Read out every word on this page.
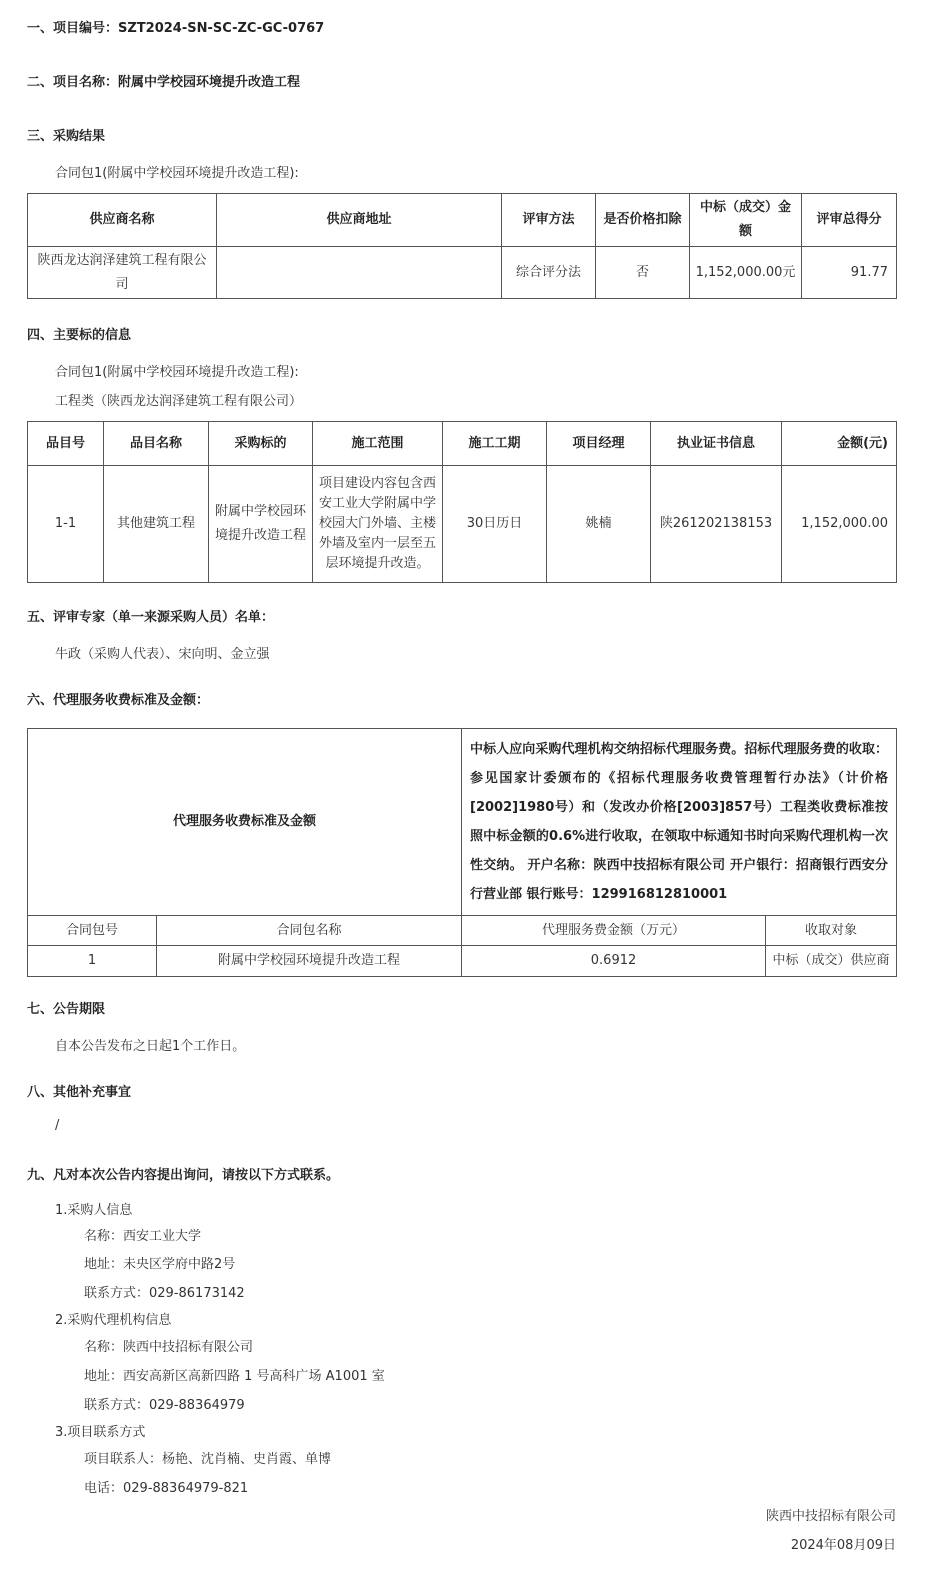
一、项目编号：SZT2024-SN-SC-ZC-GC-0767
二、项目名称：附属中学校园环境提升改造工程
三、采购结果
合同包1(附属中学校园环境提升改造工程):
供应商名称	供应商地址	评审方法	是否价格扣除	中标（成交）金额	评审总得分
陕西龙达润泽建筑工程有限公司		综合评分法	否	1,152,000.00元	91.77
四、主要标的信息
合同包1(附属中学校园环境提升改造工程):
工程类（陕西龙达润泽建筑工程有限公司）
品目号	品目名称	采购标的	施工范围	施工工期	项目经理	执业证书信息	金额(元)
1-1	其他建筑工程	附属中学校园环境提升改造工程	项目建设内容包含西安工业大学附属中学校园大门外墙、主楼外墙及室内一层至五层环境提升改造。	30日历日	姚楠	陕261202138153	1,152,000.00
五、评审专家（单一来源采购人员）名单：
牛政（采购人代表）、宋向明、金立强
六、代理服务收费标准及金额：
代理服务收费标准及金额		中标人应向采购代理机构交纳招标代理服务费。招标代理服务费的收取：参见国家计委颁布的《招标代理服务收费管理暂行办法》（计价格[2002]1980号）和（发改办价格[2003]857号）工程类收费标准按照中标金额的0.6%进行收取，在领取中标通知书时向采购代理机构一次性交纳。 开户名称：陕西中技招标有限公司 开户银行：招商银行西安分行营业部 银行账号：129916812810001	
合同包号	合同包名称	代理服务费金额（万元）	收取对象
1	附属中学校园环境提升改造工程	0.6912	中标（成交）供应商
七、公告期限
自本公告发布之日起1个工作日。
八、其他补充事宜
/
九、凡对本次公告内容提出询问，请按以下方式联系。
1.采购人信息
名称：西安工业大学
地址：未央区学府中路2号
联系方式：029-86173142
2.采购代理机构信息
名称：陕西中技招标有限公司
地址：西安高新区高新四路 1 号高科广场 A1001 室
联系方式：029-88364979
3.项目联系方式
项目联系人：杨艳、沈肖楠、史肖霞、单博
电话：029-88364979-821
陕西中技招标有限公司
2024年08月09日
